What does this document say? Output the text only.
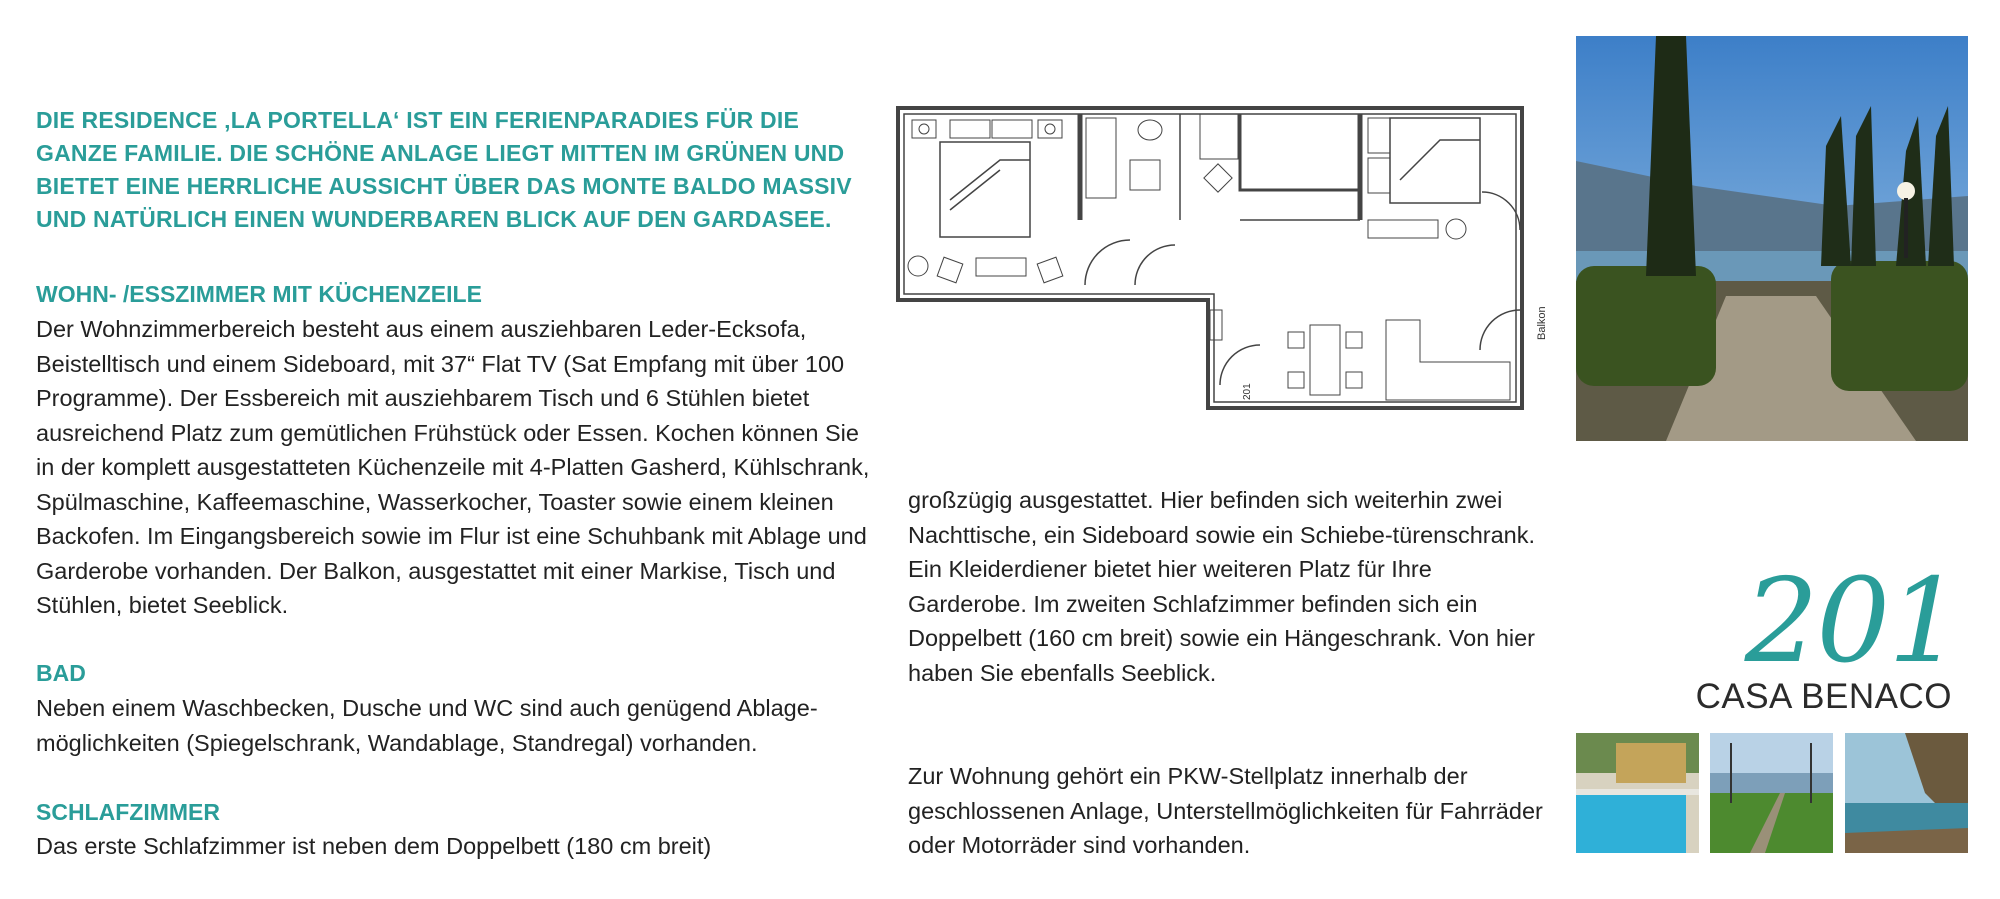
DIE RESIDENCE ‚LA PORTELLA‘ IST EIN FERIENPARADIES FÜR DIE GANZE FAMILIE. DIE SCHÖNE ANLAGE LIEGT MITTEN IM GRÜNEN UND BIETET EINE HERRLICHE AUSSICHT ÜBER DAS MONTE BALDO MASSIV UND NATÜRLICH EINEN WUNDERBAREN BLICK AUF DEN GARDASEE.
WOHN- /ESSZIMMER MIT KÜCHENZEILE

Der Wohnzimmerbereich besteht aus einem ausziehbaren Leder-Ecksofa, Beistelltisch und einem Sideboard, mit 37“ Flat TV (Sat Empfang mit über 100 Programme). Der Essbereich mit ausziehbarem Tisch und 6 Stühlen bietet ausreichend Platz zum gemütlichen Frühstück oder Essen. Kochen können Sie in der komplett ausgestatteten Küchenzeile mit 4-Platten Gasherd, Kühlschrank, Spülmaschine, Kaffeemaschine, Wasserkocher, Toaster sowie einem kleinen Backofen. Im Eingangsbereich sowie im Flur ist eine Schuhbank mit Ablage und Garderobe vorhanden. Der Balkon, ausgestattet mit einer Markise, Tisch und Stühlen, bietet Seeblick.

BAD

Neben einem Waschbecken, Dusche und WC sind auch genügend Ablage-möglichkeiten (Spiegelschrank, Wandablage, Standregal) vorhanden.

SCHLAFZIMMER

Das erste Schlafzimmer ist neben dem Doppelbett (180 cm breit)

großzügig ausgestattet. Hier befinden sich weiterhin zwei Nachttische, ein Sideboard sowie ein Schiebe-türenschrank. Ein Kleiderdiener bietet hier weiteren Platz für Ihre Garderobe. Im zweiten Schlafzimmer befinden sich ein Doppelbett (160 cm breit) sowie ein Hängeschrank. Von hier haben Sie ebenfalls Seeblick.

Zur Wohnung gehört ein PKW-Stellplatz innerhalb der geschlossenen Anlage, Unterstellmöglichkeiten für Fahrräder oder Motorräder sind vorhanden.

Balkon
201
201
CASA BENACO
